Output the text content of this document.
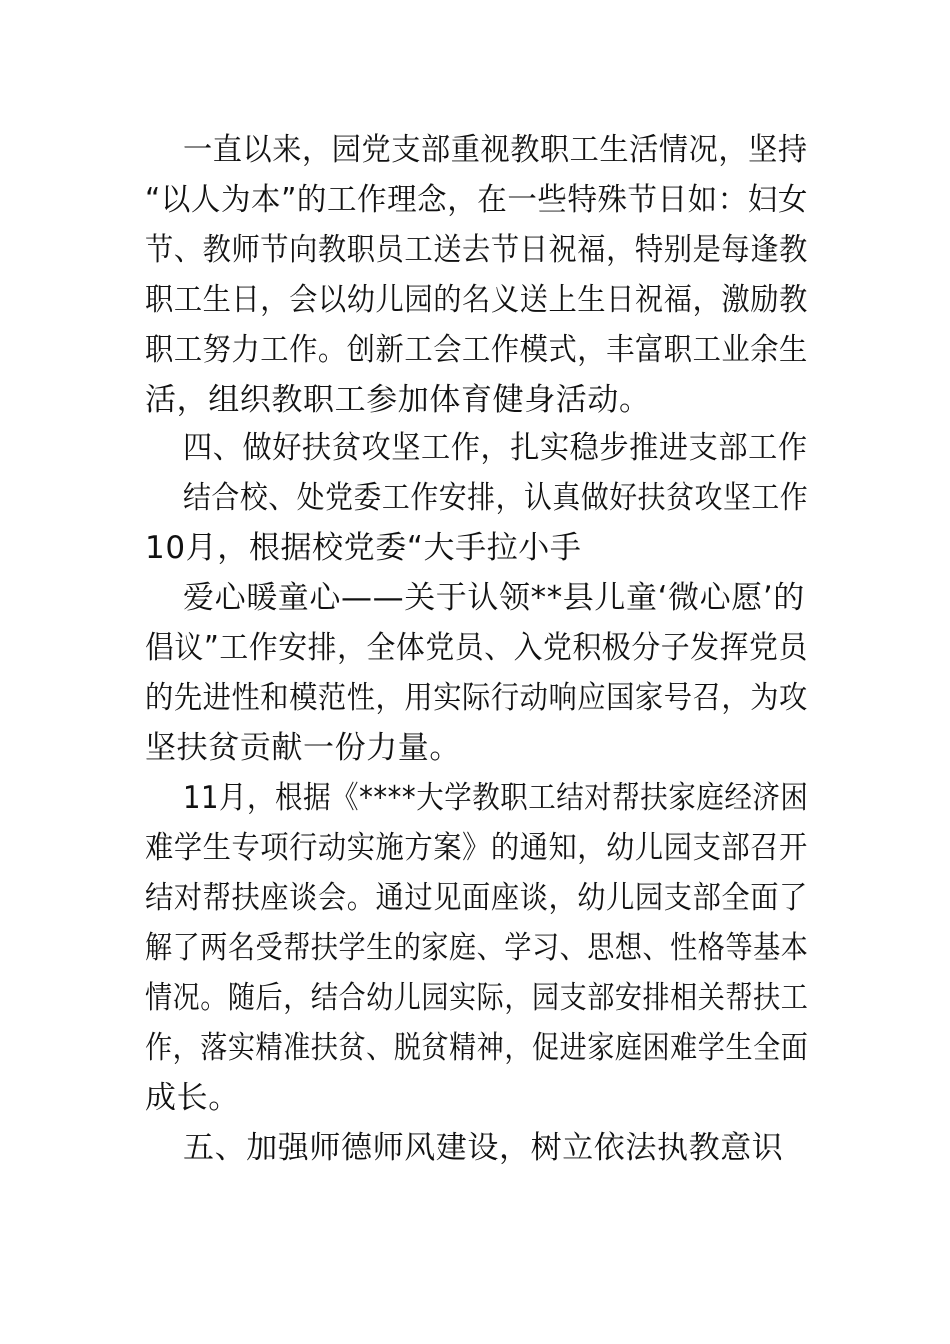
一直以来，园党支部重视教职工生活情况，坚持
“以人为本”的工作理念，在一些特殊节日如：妇女
节、教师节向教职员工送去节日祝福，特别是每逢教
职工生日，会以幼儿园的名义送上生日祝福，激励教
职工努力工作。创新工会工作模式，丰富职工业余生
活，组织教职工参加体育健身活动。
四、做好扶贫攻坚工作，扎实稳步推进支部工作
结合校、处党委工作安排，认真做好扶贫攻坚工作
10月，根据校党委“大手拉小手
爱心暖童心——关于认领**县儿童‘微心愿’的
倡议”工作安排，全体党员、入党积极分子发挥党员
的先进性和模范性，用实际行动响应国家号召，为攻
坚扶贫贡献一份力量。
11月，根据《****大学教职工结对帮扶家庭经济困
难学生专项行动实施方案》的通知，幼儿园支部召开
结对帮扶座谈会。通过见面座谈，幼儿园支部全面了
解了两名受帮扶学生的家庭、学习、思想、性格等基本
情况。随后，结合幼儿园实际，园支部安排相关帮扶工
作，落实精准扶贫、脱贫精神，促进家庭困难学生全面
成长。
五、加强师德师风建设，树立依法执教意识
